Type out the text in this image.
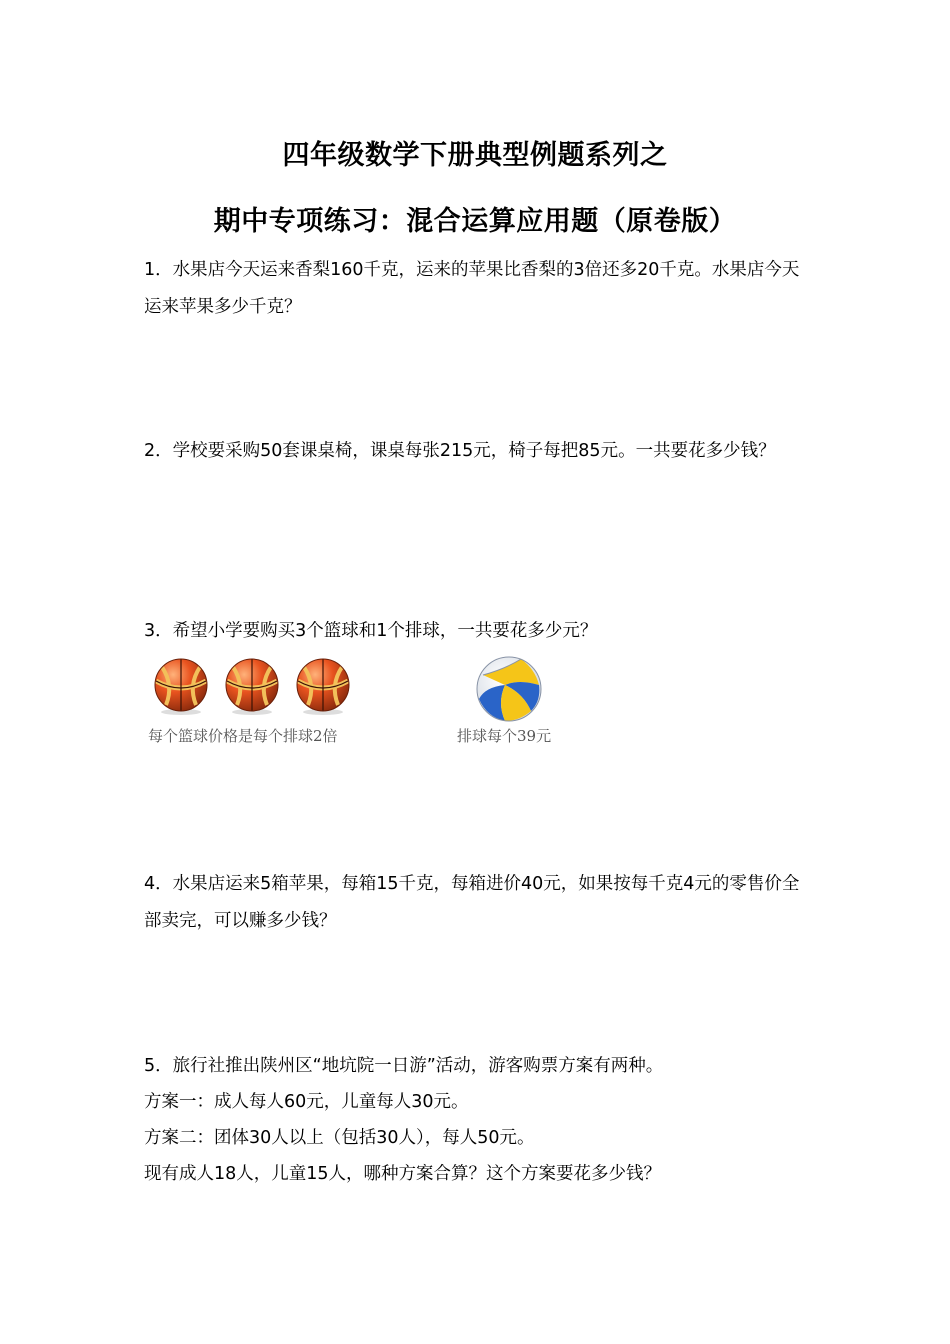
四年级数学下册典型例题系列之
期中专项练习：混合运算应用题（原卷版）

1．水果店今天运来香梨160千克，运来的苹果比香梨的3倍还多20千克。水果店今天运来苹果多少千克？

2．学校要采购50套课桌椅，课桌每张215元，椅子每把85元。一共要花多少钱？

3．希望小学要购买3个篮球和1个排球，一共要花多少元？

每个篮球价格是每个排球2倍	排球每个39元

4．水果店运来5箱苹果，每箱15千克，每箱进价40元，如果按每千克4元的零售价全部卖完，可以赚多少钱？

5．旅行社推出陕州区“地坑院一日游”活动，游客购票方案有两种。

方案一：成人每人60元，儿童每人30元。

方案二：团体30人以上（包括30人），每人50元。

现有成人18人，儿童15人，哪种方案合算？这个方案要花多少钱？
